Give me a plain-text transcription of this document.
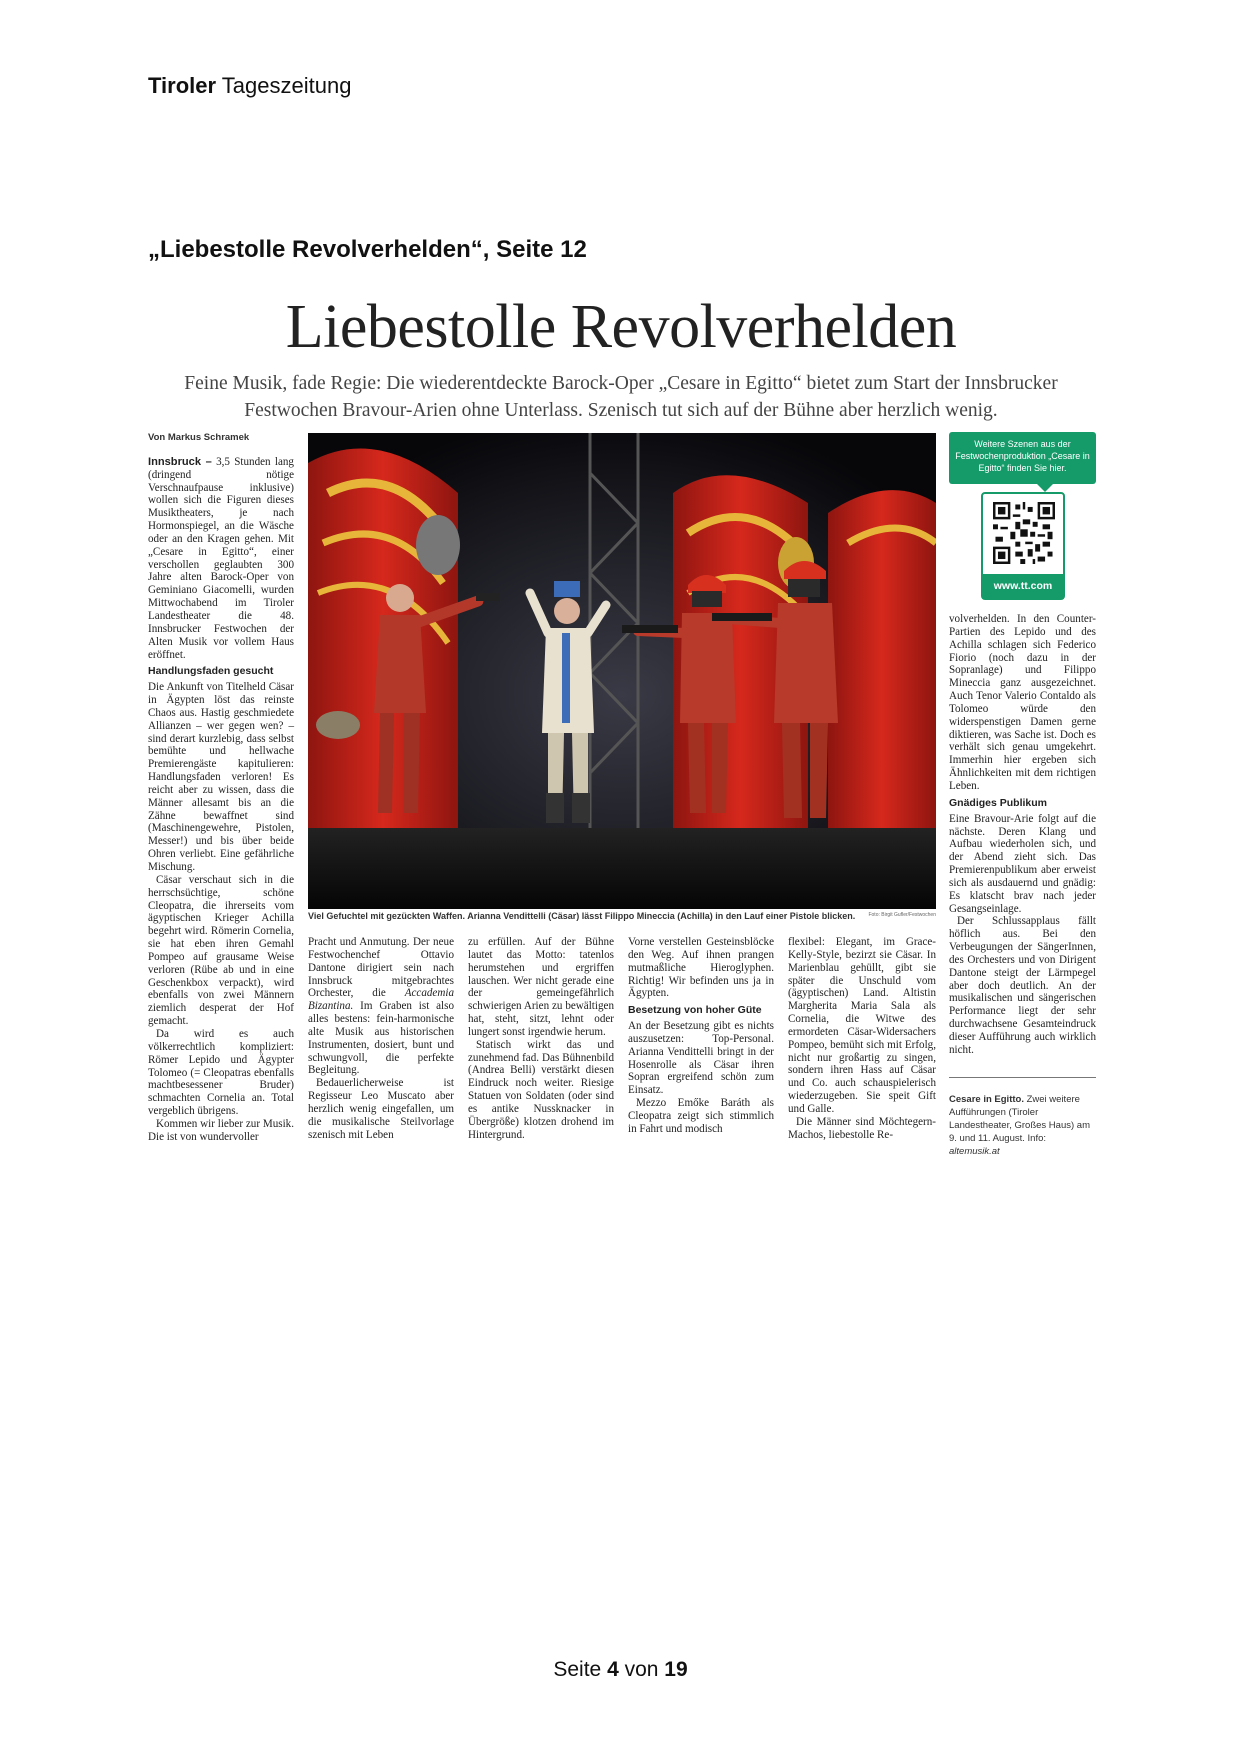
Tiroler Tageszeitung
„Liebestolle Revolverhelden“, Seite 12
Liebestolle Revolverhelden
Feine Musik, fade Regie: Die wiederentdeckte Barock-Oper „Cesare in Egitto“ bietet zum Start der Innsbrucker Festwochen Bravour-Arien ohne Unterlass. Szenisch tut sich auf der Bühne aber herzlich wenig.
Von Markus Schramek

Innsbruck – 3,5 Stunden lang (dringend nötige Verschnaufpause inklusive) wollen sich die Figuren dieses Musiktheaters, je nach Hormonspiegel, an die Wäsche oder an den Kragen gehen. Mit „Cesare in Egitto“, einer verschollen geglaubten 300 Jahre alten Barock-Oper von Geminiano Giacomelli, wurden Mittwochabend im Tiroler Landestheater die 48. Innsbrucker Festwochen der Alten Musik vor vollem Haus eröffnet.

Handlungsfaden gesucht

Die Ankunft von Titelheld Cäsar in Ägypten löst das reinste Chaos aus. Hastig geschmiedete Allianzen – wer gegen wen? – sind derart kurzlebig, dass selbst bemühte und hellwache Premierengäste kapitulieren: Handlungsfaden verloren! Es reicht aber zu wissen, dass die Männer allesamt bis an die Zähne bewaffnet sind (Maschinengewehre, Pistolen, Messer!) und bis über beide Ohren verliebt. Eine gefährliche Mischung.

Cäsar verschaut sich in die herrschsüchtige, schöne Cleopatra, die ihrerseits vom ägyptischen Krieger Achilla begehrt wird. Römerin Cornelia, sie hat eben ihren Gemahl Pompeo auf grausame Weise verloren (Rübe ab und in eine Geschenkbox verpackt), wird ebenfalls von zwei Männern ziemlich desperat der Hof gemacht.

Da wird es auch völkerrechtlich kompliziert: Römer Lepido und Ägypter Tolomeo (= Cleopatras ebenfalls machtbesessener Bruder) schmachten Cornelia an. Total vergeblich übrigens.

Kommen wir lieber zur Musik. Die ist von wundervoller

Viel Gefuchtel mit gezückten Waffen. Arianna Vendittelli (Cäsar) lässt Filippo Mineccia (Achilla) in den Lauf einer Pistole blicken.	Foto: Birgit Gufler/Festwochen
Weitere Szenen aus der Festwochenproduktion „Cesare in Egitto“ finden Sie hier.
www.tt.com

volverhelden. In den Counter-Partien des Lepido und des Achilla schlagen sich Federico Fiorio (noch dazu in der Sopranlage) und Filippo Mineccia ganz ausgezeichnet. Auch Tenor Valerio Contaldo als Tolomeo würde den widerspenstigen Damen gerne diktieren, was Sache ist. Doch es verhält sich genau umgekehrt. Immerhin hier ergeben sich Ähnlichkeiten mit dem richtigen Leben.

Gnädiges Publikum

Eine Bravour-Arie folgt auf die nächste. Deren Klang und Aufbau wiederholen sich, und der Abend zieht sich. Das Premierenpublikum aber erweist sich als ausdauernd und gnädig: Es klatscht brav nach jeder Gesangseinlage.

Der Schlussapplaus fällt höflich aus. Bei den Verbeugungen der SängerInnen, des Orchesters und von Dirigent Dantone steigt der Lärmpegel aber doch deutlich. An der musikalischen und sängerischen Performance liegt der sehr durchwachsene Gesamteindruck dieser Aufführung auch wirklich nicht.

Pracht und Anmutung. Der neue Festwochenchef Ottavio Dantone dirigiert sein nach Innsbruck mitgebrachtes Orchester, die Accademia Bizantina. Im Graben ist also alles bestens: fein-harmonische alte Musik aus historischen Instrumenten, dosiert, bunt und schwungvoll, die perfekte Begleitung.

Bedauerlicherweise ist Regisseur Leo Muscato aber herzlich wenig eingefallen, um die musikalische Steilvorlage szenisch mit Leben

zu erfüllen. Auf der Bühne lautet das Motto: tatenlos herumstehen und ergriffen lauschen. Wer nicht gerade eine der gemeingefährlich schwierigen Arien zu bewältigen hat, steht, sitzt, lehnt oder lungert sonst irgendwie herum.

Statisch wirkt das und zunehmend fad. Das Bühnenbild (Andrea Belli) verstärkt diesen Eindruck noch weiter. Riesige Statuen von Soldaten (oder sind es antike Nussknacker in Übergröße) klotzen drohend im Hintergrund.

Vorne verstellen Gesteinsblöcke den Weg. Auf ihnen prangen mutmaßliche Hieroglyphen. Richtig! Wir befinden uns ja in Ägypten.

Besetzung von hoher Güte

An der Besetzung gibt es nichts auszusetzen: Top-Personal. Arianna Vendittelli bringt in der Hosenrolle als Cäsar ihren Sopran ergreifend schön zum Einsatz.

Mezzo Emőke Baráth als Cleopatra zeigt sich stimmlich in Fahrt und modisch

flexibel: Elegant, im Grace-Kelly-Style, bezirzt sie Cäsar. In Marienblau gehüllt, gibt sie später die Unschuld vom (ägyptischen) Land. Altistin Margherita Maria Sala als Cornelia, die Witwe des ermordeten Cäsar-Widersachers Pompeo, bemüht sich mit Erfolg, nicht nur großartig zu singen, sondern ihren Hass auf Cäsar und Co. auch schauspielerisch wiederzugeben. Sie speit Gift und Galle.

Die Männer sind Möchtegern-Machos, liebestolle Re-

Cesare in Egitto. Zwei weitere Aufführungen (Tiroler Landestheater, Großes Haus) am 9. und 11. August. Info: altemusik.at
Seite 4 von 19
